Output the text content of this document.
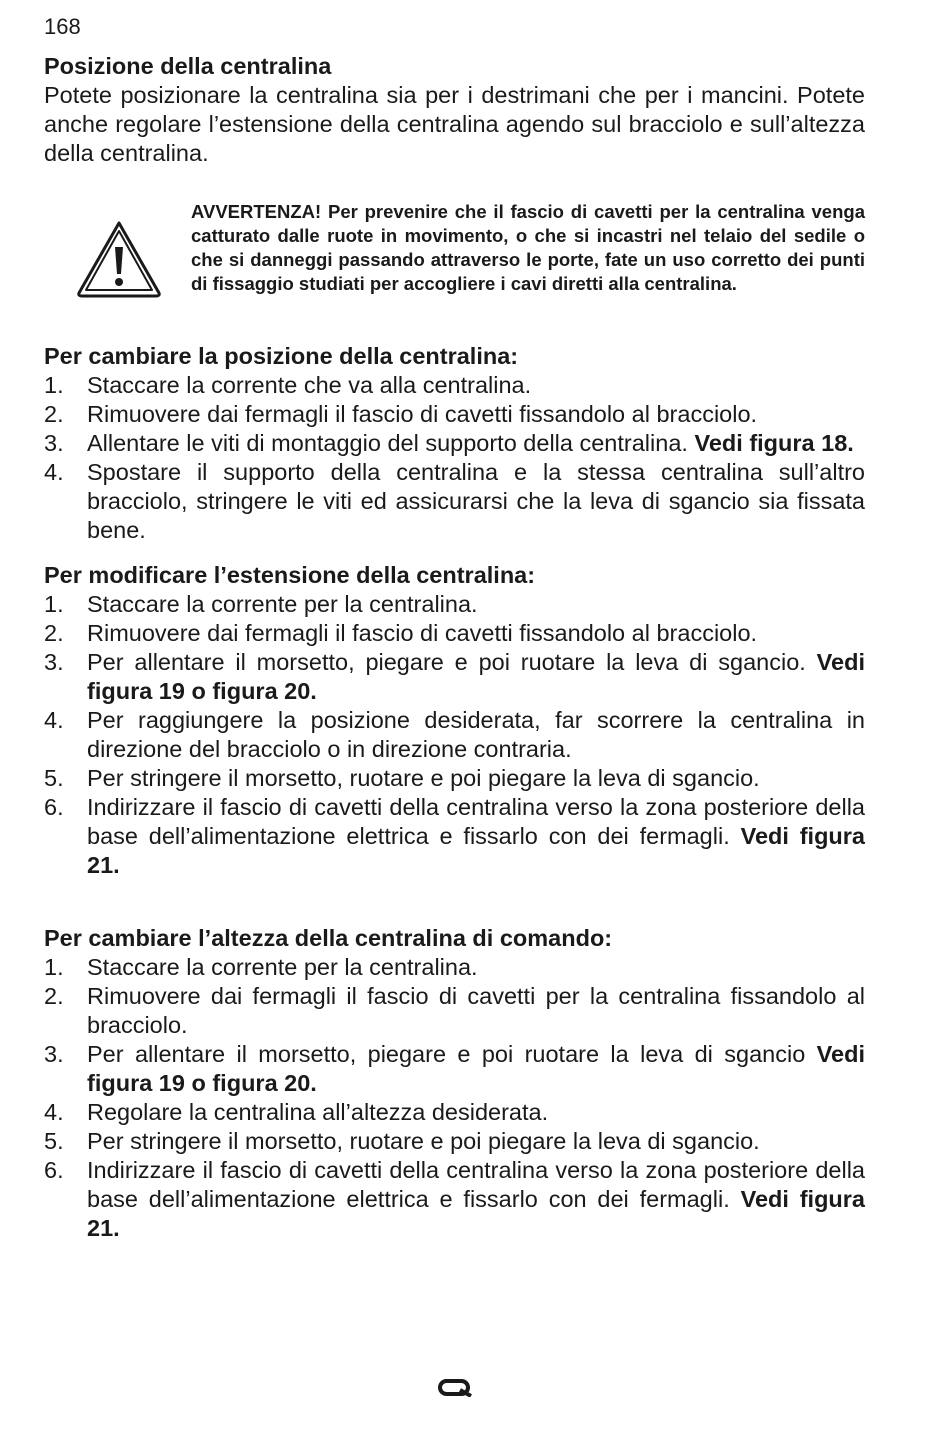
168

Posizione della centralina

Potete posizionare la centralina sia per i destrimani che per i mancini. Potete anche regolare l’estensione della centralina agendo sul bracciolo e sull’altezza della centralina.

AVVERTENZA! Per prevenire che il fascio di cavetti per la centralina venga catturato dalle ruote in movimento, o che si incastri nel telaio del sedile o che si danneggi passando attraverso le porte, fate un uso corretto dei punti di fissaggio studiati per accogliere i cavi diretti alla centralina.

Per cambiare la posizione della centralina:

1. Staccare la corrente che va alla centralina.
2. Rimuovere dai fermagli il fascio di cavetti fissandolo al bracciolo.
3. Allentare le viti di montaggio del supporto della centralina. Vedi figura 18.
4. Spostare il supporto della centralina e la stessa centralina sull’altro bracciolo, stringere le viti ed assicurarsi che la leva di sgancio sia fissata bene.

Per modificare l’estensione della centralina:

1. Staccare la corrente per la centralina.
2. Rimuovere dai fermagli il fascio di cavetti fissandolo al bracciolo.
3. Per allentare il morsetto, piegare e poi ruotare la leva di sgancio. Vedi figura 19 o figura 20.
4. Per raggiungere la posizione desiderata, far scorrere la centralina in direzione del bracciolo o in direzione contraria.
5. Per stringere il morsetto, ruotare e poi piegare la leva di sgancio.
6. Indirizzare il fascio di cavetti della centralina verso la zona posteriore della base dell’alimentazione elettrica e fissarlo con dei fermagli. Vedi figura 21.

Per cambiare l’altezza della centralina di comando:

1. Staccare la corrente per la centralina.
2. Rimuovere dai fermagli il fascio di cavetti per la centralina fissandolo al bracciolo.
3. Per allentare il morsetto, piegare e poi ruotare la leva di sgancio Vedi figura 19 o figura 20.
4. Regolare la centralina all’altezza desiderata.
5. Per stringere il morsetto, ruotare e poi piegare la leva di sgancio.
6. Indirizzare il fascio di cavetti della centralina verso la zona posteriore della base dell’alimentazione elettrica e fissarlo con dei fermagli. Vedi figura 21.
